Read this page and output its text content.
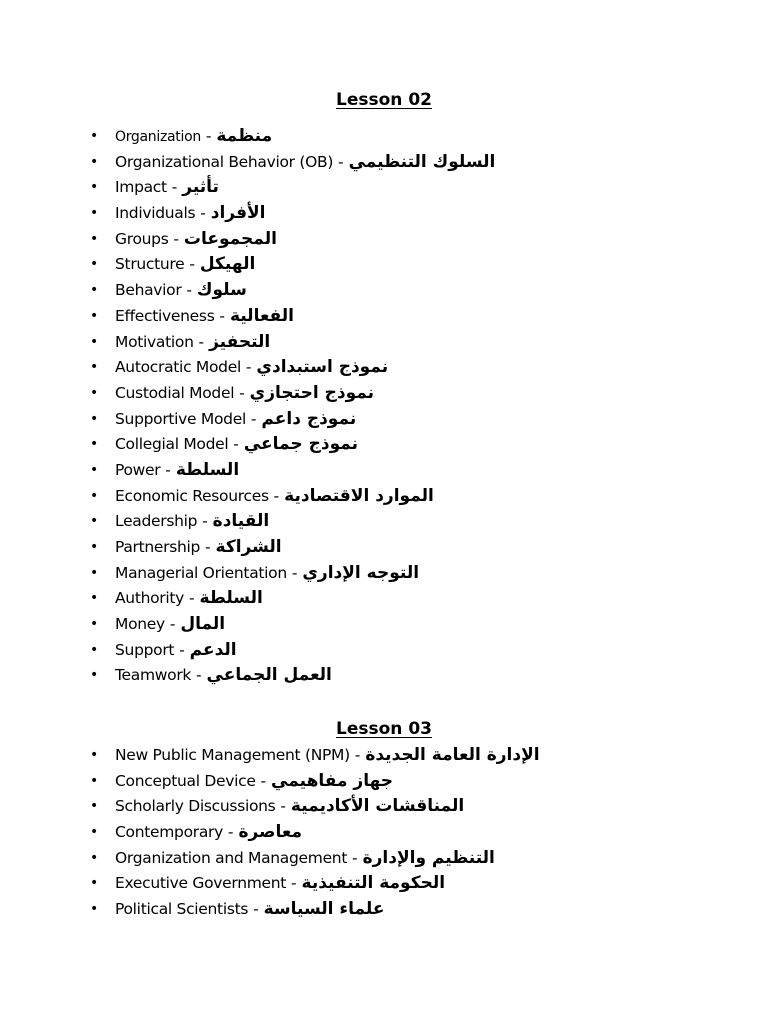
Lesson 02
• Organization - منظمة
• Organizational Behavior (OB) - السلوك التنظيمي
• Impact - تأثير
• Individuals - الأفراد
• Groups - المجموعات
• Structure - الهيكل
• Behavior - سلوك
• Effectiveness - الفعالية
• Motivation - التحفيز
• Autocratic Model - نموذج استبدادي
• Custodial Model - نموذج احتجازي
• Supportive Model - نموذج داعم
• Collegial Model - نموذج جماعي
• Power - السلطة
• Economic Resources - الموارد الاقتصادية
• Leadership - القيادة
• Partnership - الشراكة
• Managerial Orientation - التوجه الإداري
• Authority - السلطة
• Money - المال
• Support - الدعم
• Teamwork - العمل الجماعي
Lesson 03
• New Public Management (NPM) - الإدارة العامة الجديدة
• Conceptual Device - جهاز مفاهيمي
• Scholarly Discussions - المناقشات الأكاديمية
• Contemporary - معاصرة
• Organization and Management - التنظيم والإدارة
• Executive Government - الحكومة التنفيذية
• Political Scientists - علماء السياسة
